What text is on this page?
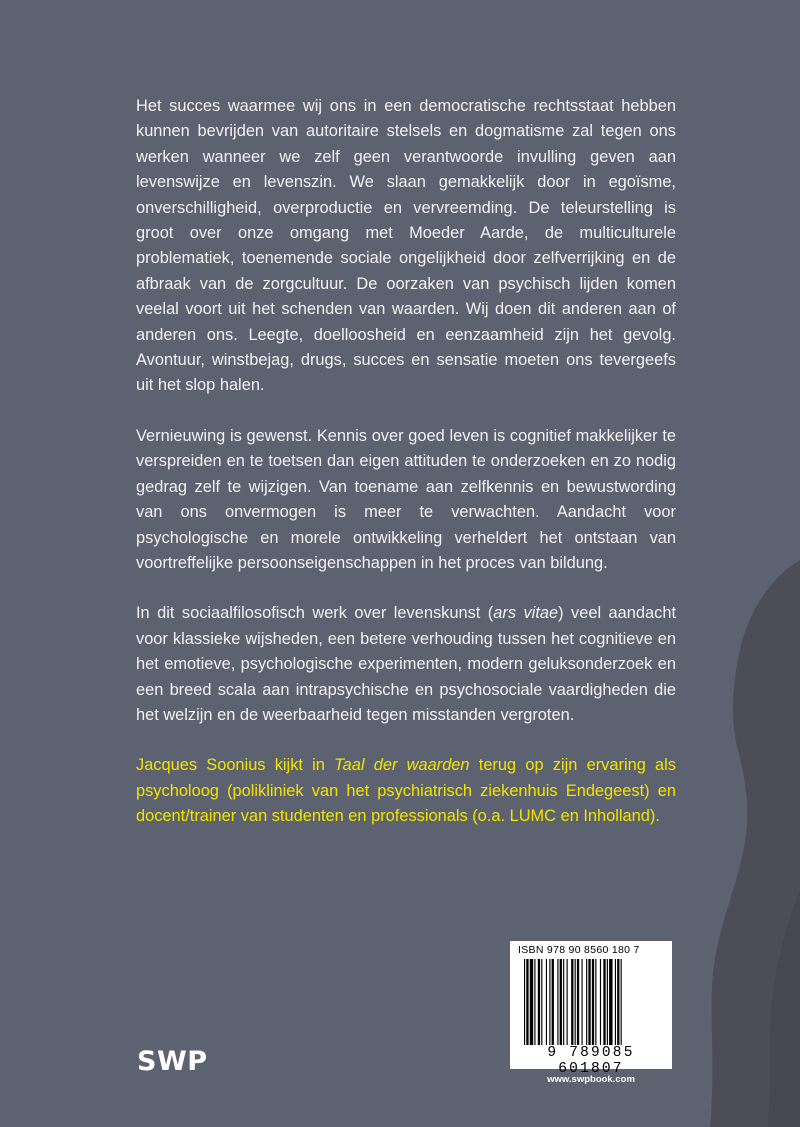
Het succes waarmee wij ons in een democratische rechtsstaat hebben kunnen bevrijden van autoritaire stelsels en dogmatisme zal tegen ons werken wanneer we zelf geen verantwoorde invulling geven aan levenswijze en levenszin. We slaan gemakkelijk door in egoïsme, onverschilligheid, overproductie en vervreemding. De teleurstelling is groot over onze omgang met Moeder Aarde, de multiculturele problematiek, toenemende sociale ongelijkheid door zelfverrijking en de afbraak van de zorgcultuur. De oorzaken van psychisch lijden komen veelal voort uit het schenden van waarden. Wij doen dit anderen aan of anderen ons. Leegte, doelloosheid en eenzaamheid zijn het gevolg. Avontuur, winstbejag, drugs, succes en sensatie moeten ons tevergeefs uit het slop halen.

Vernieuwing is gewenst. Kennis over goed leven is cognitief makkelijker te verspreiden en te toetsen dan eigen attituden te onderzoeken en zo nodig gedrag zelf te wijzigen. Van toename aan zelfkennis en bewustwording van ons onvermogen is meer te verwachten. Aandacht voor psychologische en morele ontwikkeling verheldert het ontstaan van voortreffelijke persoonseigenschappen in het proces van bildung.

In dit sociaalfilosofisch werk over levenskunst (ars vitae) veel aandacht voor klassieke wijsheden, een betere verhouding tussen het cognitieve en het emotieve, psychologische experimenten, modern geluksonderzoek en een breed scala aan intrapsychische en psychosociale vaardigheden die het welzijn en de weerbaarheid tegen misstanden vergroten.

Jacques Soonius kijkt in Taal der waarden terug op zijn ervaring als psycholoog (polikliniek van het psychiatrisch ziekenhuis Endegeest) en docent/trainer van studenten en professionals (o.a. LUMC en Inholland).

SWP
ISBN 978 90 8560 180 7
9 789085 601807
www.swpbook.com
